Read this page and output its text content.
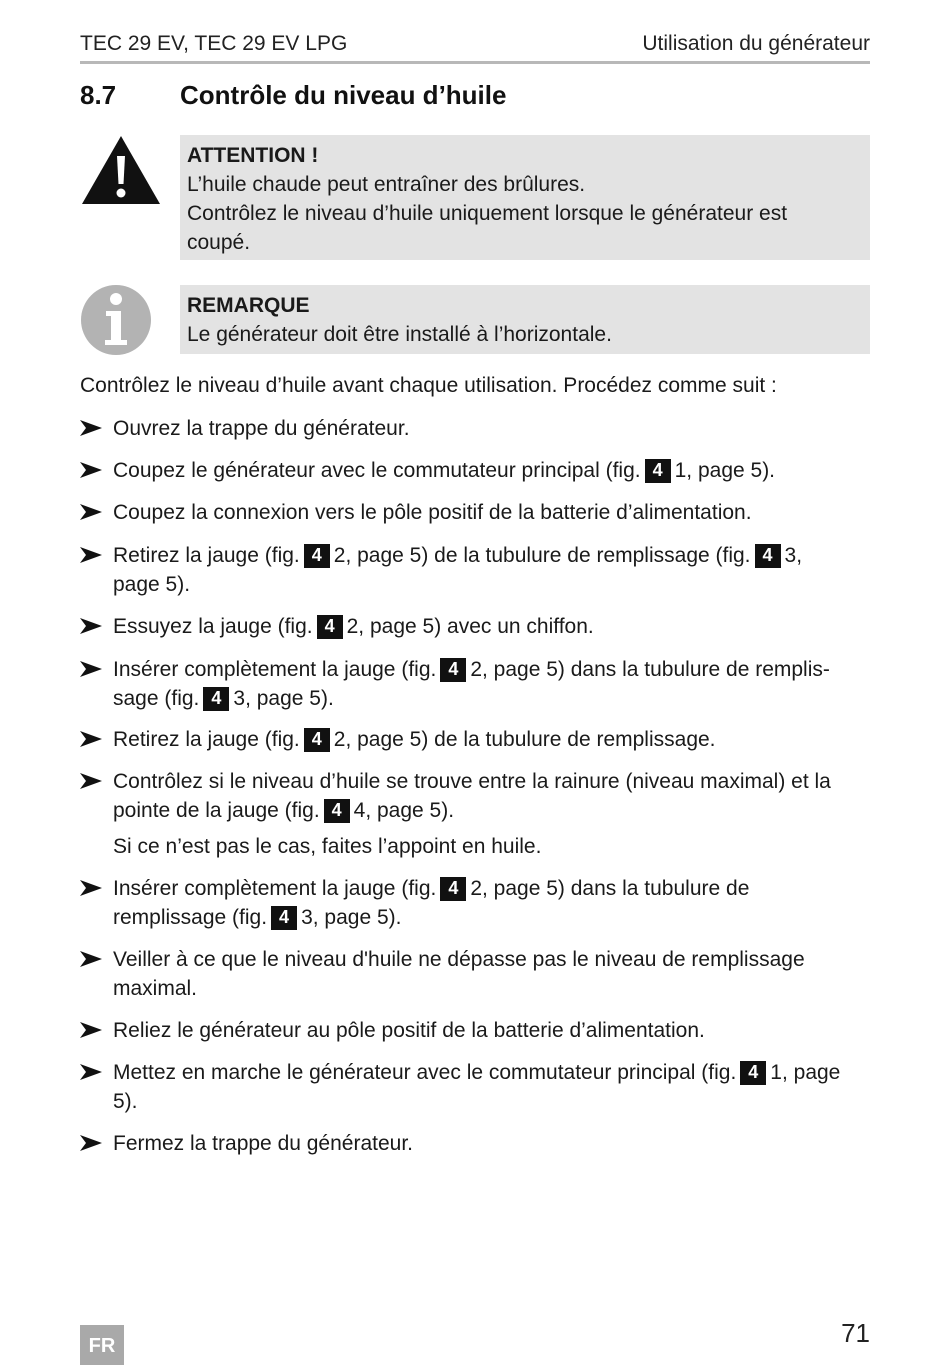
TEC 29 EV, TEC 29 EV LPG	Utilisation du générateur
8.7 Contrôle du niveau d’huile
ATTENTION !
L’huile chaude peut entraîner des brûlures.
Contrôlez le niveau d’huile uniquement lorsque le générateur est coupé.
REMARQUE
Le générateur doit être installé à l’horizontale.
Contrôlez le niveau d’huile avant chaque utilisation. Procédez comme suit :
Ouvrez la trappe du générateur.
Coupez le générateur avec le commutateur principal (fig. 4 1, page 5).
Coupez la connexion vers le pôle positif de la batterie d’alimentation.
Retirez la jauge (fig. 4 2, page 5) de la tubulure de remplissage (fig. 4 3, page 5).
Essuyez la jauge (fig. 4 2, page 5) avec un chiffon.
Insérer complètement la jauge (fig. 4 2, page 5) dans la tubulure de remplis-
sage (fig. 4 3, page 5).
Retirez la jauge (fig. 4 2, page 5) de la tubulure de remplissage.
Contrôlez si le niveau d’huile se trouve entre la rainure (niveau maximal) et la pointe de la jauge (fig. 4 4, page 5).
Si ce n’est pas le cas, faites l’appoint en huile.
Insérer complètement la jauge (fig. 4 2, page 5) dans la tubulure de
remplissage (fig. 4 3, page 5).
Veiller à ce que le niveau d'huile ne dépasse pas le niveau de remplissage maximal.
Reliez le générateur au pôle positif de la batterie d’alimentation.
Mettez en marche le générateur avec le commutateur principal (fig. 4 1, page 5).
Fermez la trappe du générateur.
FR	71
